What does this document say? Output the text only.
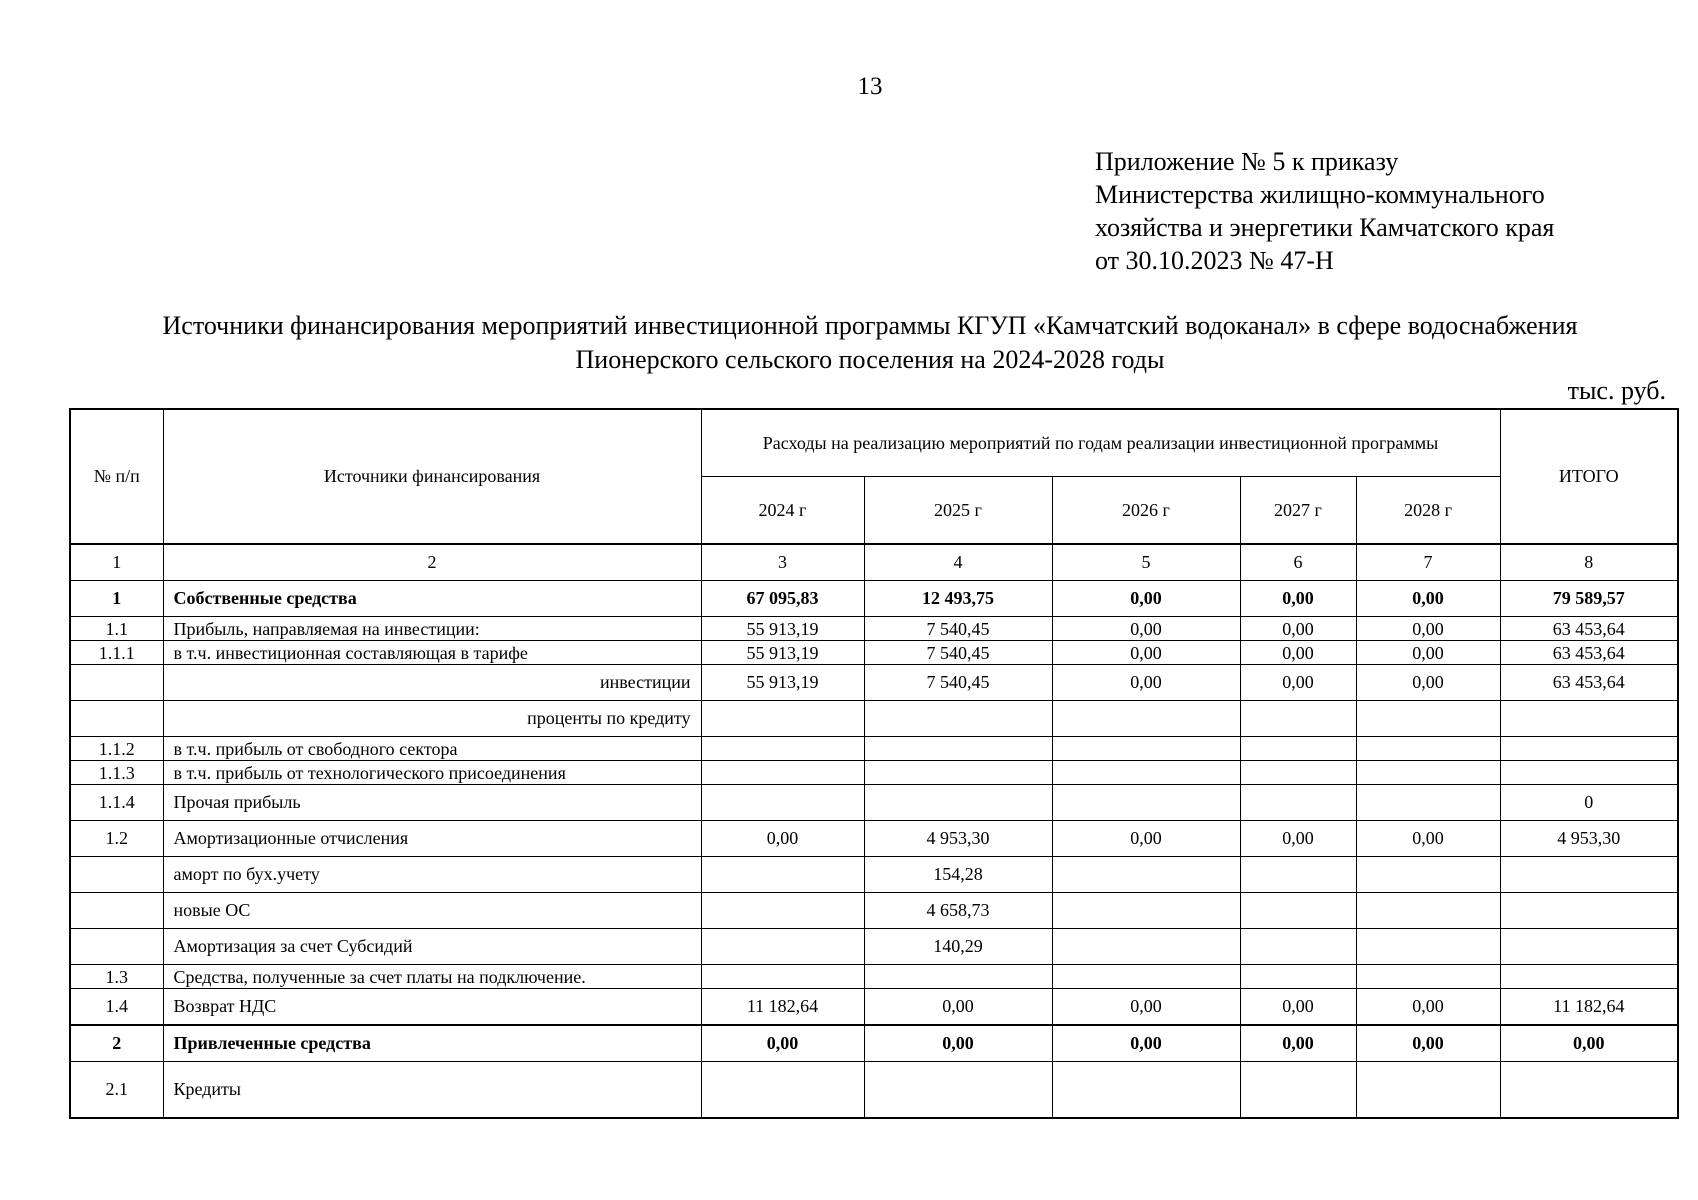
13
Приложение № 5 к приказу
Министерства жилищно-коммунального
хозяйства и энергетики Камчатского края
от 30.10.2023 № 47-Н
Источники финансирования мероприятий инвестиционной программы КГУП «Камчатский водоканал» в сфере водоснабжения
Пионерского сельского поселения на 2024-2028 годы
тыс. руб.
№ п/п	Источники финансирования	Расходы на реализацию мероприятий по годам реализации инвестиционной программы					ИТОГО
		2024 г	2025 г	2026 г	2027 г	2028 г	
1	2	3	4	5	6	7	8
1	Собственные средства	67 095,83	12 493,75	0,00	0,00	0,00	79 589,57
1.1	Прибыль, направляемая на инвестиции:	55 913,19	7 540,45	0,00	0,00	0,00	63 453,64
1.1.1	в т.ч. инвестиционная составляющая в тарифе	55 913,19	7 540,45	0,00	0,00	0,00	63 453,64
	инвестиции	55 913,19	7 540,45	0,00	0,00	0,00	63 453,64
	проценты по кредиту						
1.1.2	в т.ч. прибыль от свободного сектора						
1.1.3	в т.ч. прибыль от технологического присоединения						
1.1.4	Прочая прибыль						0
1.2	Амортизационные отчисления	0,00	4 953,30	0,00	0,00	0,00	4 953,30
	аморт по бух.учету		154,28				
	новые ОС		4 658,73				
	Амортизация за счет Субсидий		140,29				
1.3	Средства, полученные за счет платы на подключение.						
1.4	Возврат НДС	11 182,64	0,00	0,00	0,00	0,00	11 182,64
2	Привлеченные средства	0,00	0,00	0,00	0,00	0,00	0,00
2.1	Кредиты						
